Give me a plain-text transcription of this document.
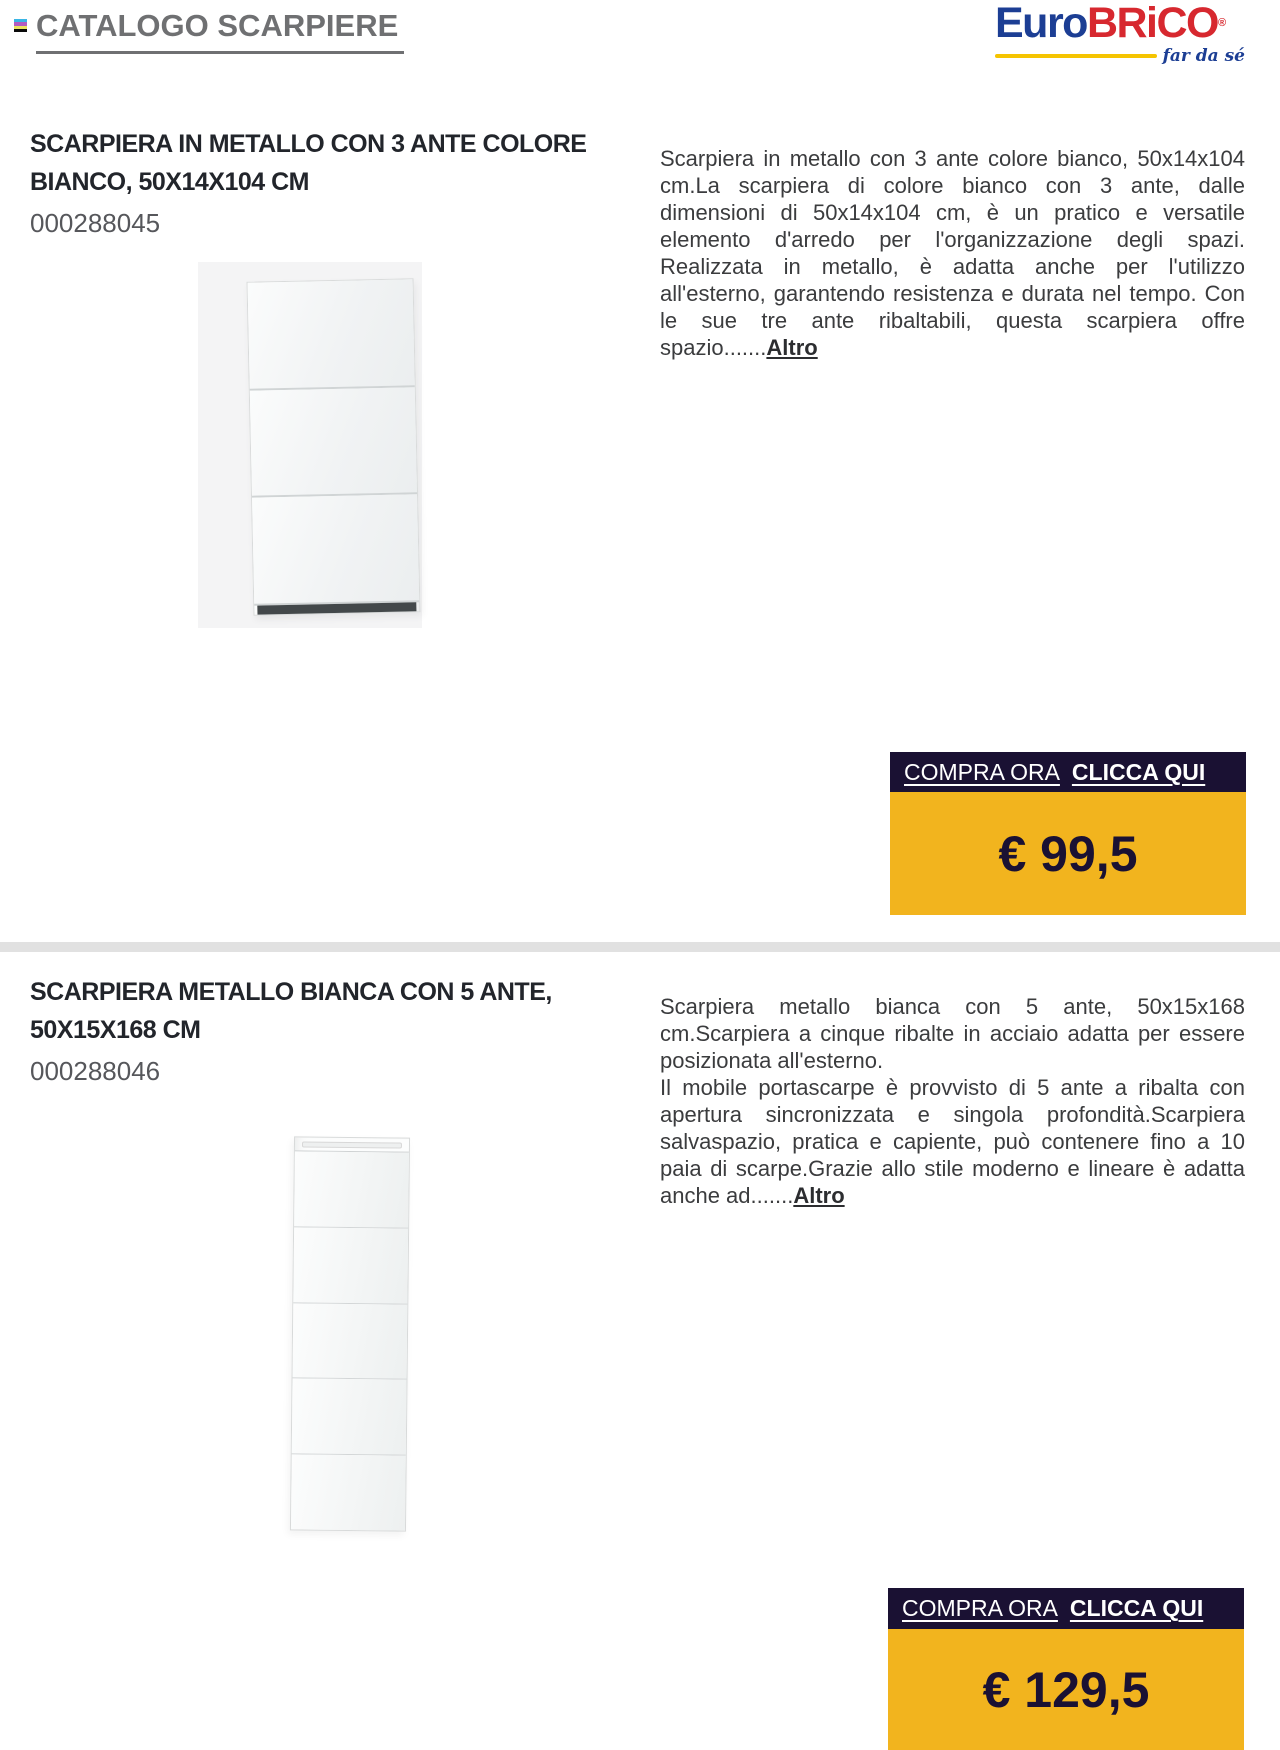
CATALOGO SCARPIERE	EuroBRiCO®
far da sé
SCARPIERA IN METALLO CON 3 ANTE COLORE BIANCO, 50X14X104 CM
000288045
Scarpiera in metallo con 3 ante colore bianco, 50x14x104 cm.La scarpiera di colore bianco con 3 ante, dalle dimensioni di 50x14x104 cm, è un pratico e versatile elemento d'arredo per l'organizzazione degli spazi. Realizzata in metallo, è adatta anche per l'utilizzo all'esterno, garantendo resistenza e durata nel tempo. Con le sue tre ante ribaltabili, questa scarpiera offre spazio.......Altro
COMPRA ORA CLICCA QUI
€ 99,5
SCARPIERA METALLO BIANCA CON 5 ANTE, 50X15X168 CM
000288046

Scarpiera metallo bianca con 5 ante, 50x15x168 cm.Scarpiera a cinque ribalte in acciaio adatta per essere posizionata all'esterno.

Il mobile portascarpe è provvisto di 5 ante a ribalta con apertura sincronizzata e singola profondità.Scarpiera salvaspazio, pratica e capiente, può contenere fino a 10 paia di scarpe.Grazie allo stile moderno e lineare è adatta anche ad.......Altro

COMPRA ORA CLICCA QUI
€ 129,5
